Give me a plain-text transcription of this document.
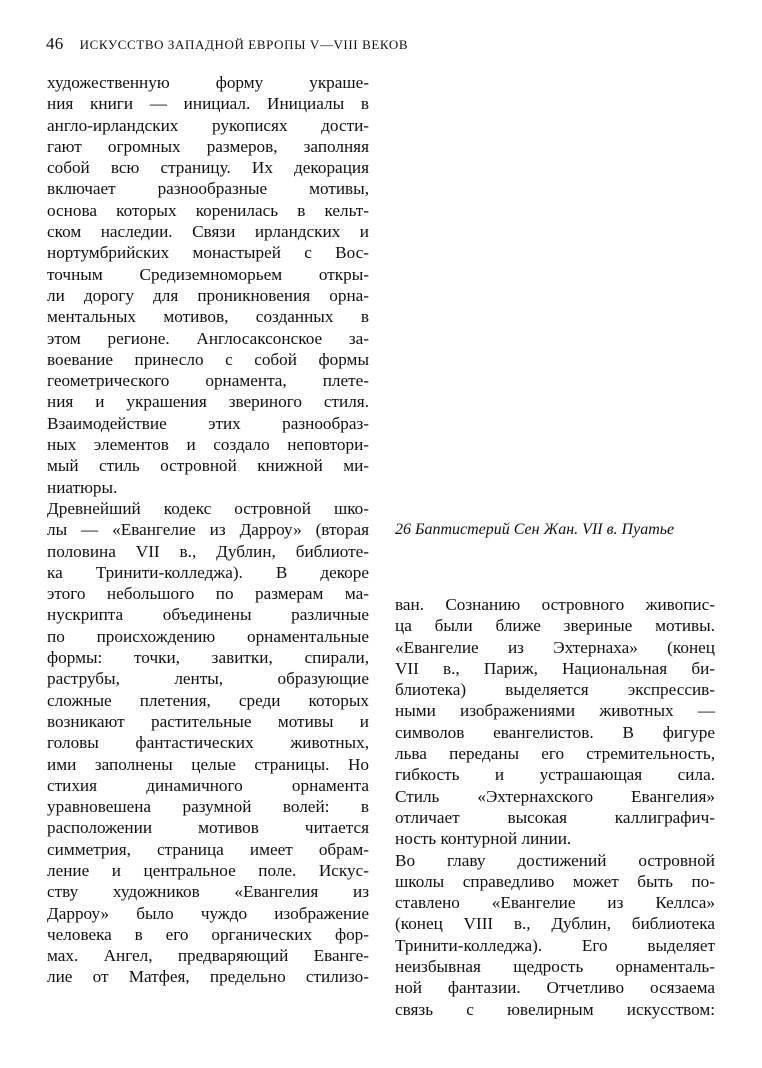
46 ИСКУССТВО ЗАПАДНОЙ ЕВРОПЫ V—VIII ВЕКОВ
художественную форму украше-
ния книги — инициал. Инициалы в
англо-ирландских рукописях дости-
гают огромных размеров, заполняя
собой всю страницу. Их декорация
включает разнообразные мотивы,
основа которых коренилась в кельт-
ском наследии. Связи ирландских и
нортумбрийских монастырей с Вос-
точным Средиземноморьем откры-
ли дорогу для проникновения орна-
ментальных мотивов, созданных в
этом регионе. Англосаксонское за-
воевание принесло с собой формы
геометрического орнамента, плете-
ния и украшения звериного стиля.
Взаимодействие этих разнообраз-
ных элементов и создало неповтори-
мый стиль островной книжной ми-
ниатюры.
Древнейший кодекс островной шко-
лы — «Евангелие из Дарроу» (вторая
половина VII в., Дублин, библиоте-
ка Тринити-колледжа). В декоре
этого небольшого по размерам ма-
нускрипта объединены различные
по происхождению орнаментальные
формы: точки, завитки, спирали,
раструбы, ленты, образующие
сложные плетения, среди которых
возникают растительные мотивы и
головы фантастических животных,
ими заполнены целые страницы. Но
стихия динамичного орнамента
уравновешена разумной волей: в
расположении мотивов читается
симметрия, страница имеет обрам-
ление и центральное поле. Искус-
ству художников «Евангелия из
Дарроу» было чуждо изображение
человека в его органических фор-
мах. Ангел, предваряющий Еванге-
лие от Матфея, предельно стилизо-
26 Баптистерий Сен Жан. VII в. Пуатье
ван. Сознанию островного живопис-
ца были ближе звериные мотивы.
«Евангелие из Эхтернаха» (конец
VII в., Париж, Национальная би-
блиотека) выделяется экспрессив-
ными изображениями животных —
символов евангелистов. В фигуре
льва переданы его стремительность,
гибкость и устрашающая сила.
Стиль «Эхтернахского Евангелия»
отличает высокая каллиграфич-
ность контурной линии.
Во главу достижений островной
школы справедливо может быть по-
ставлено «Евангелие из Келлса»
(конец VIII в., Дублин, библиотека
Тринити-колледжа). Его выделяет
неизбывная щедрость орнаменталь-
ной фантазии. Отчетливо осязаема
связь с ювелирным искусством:
